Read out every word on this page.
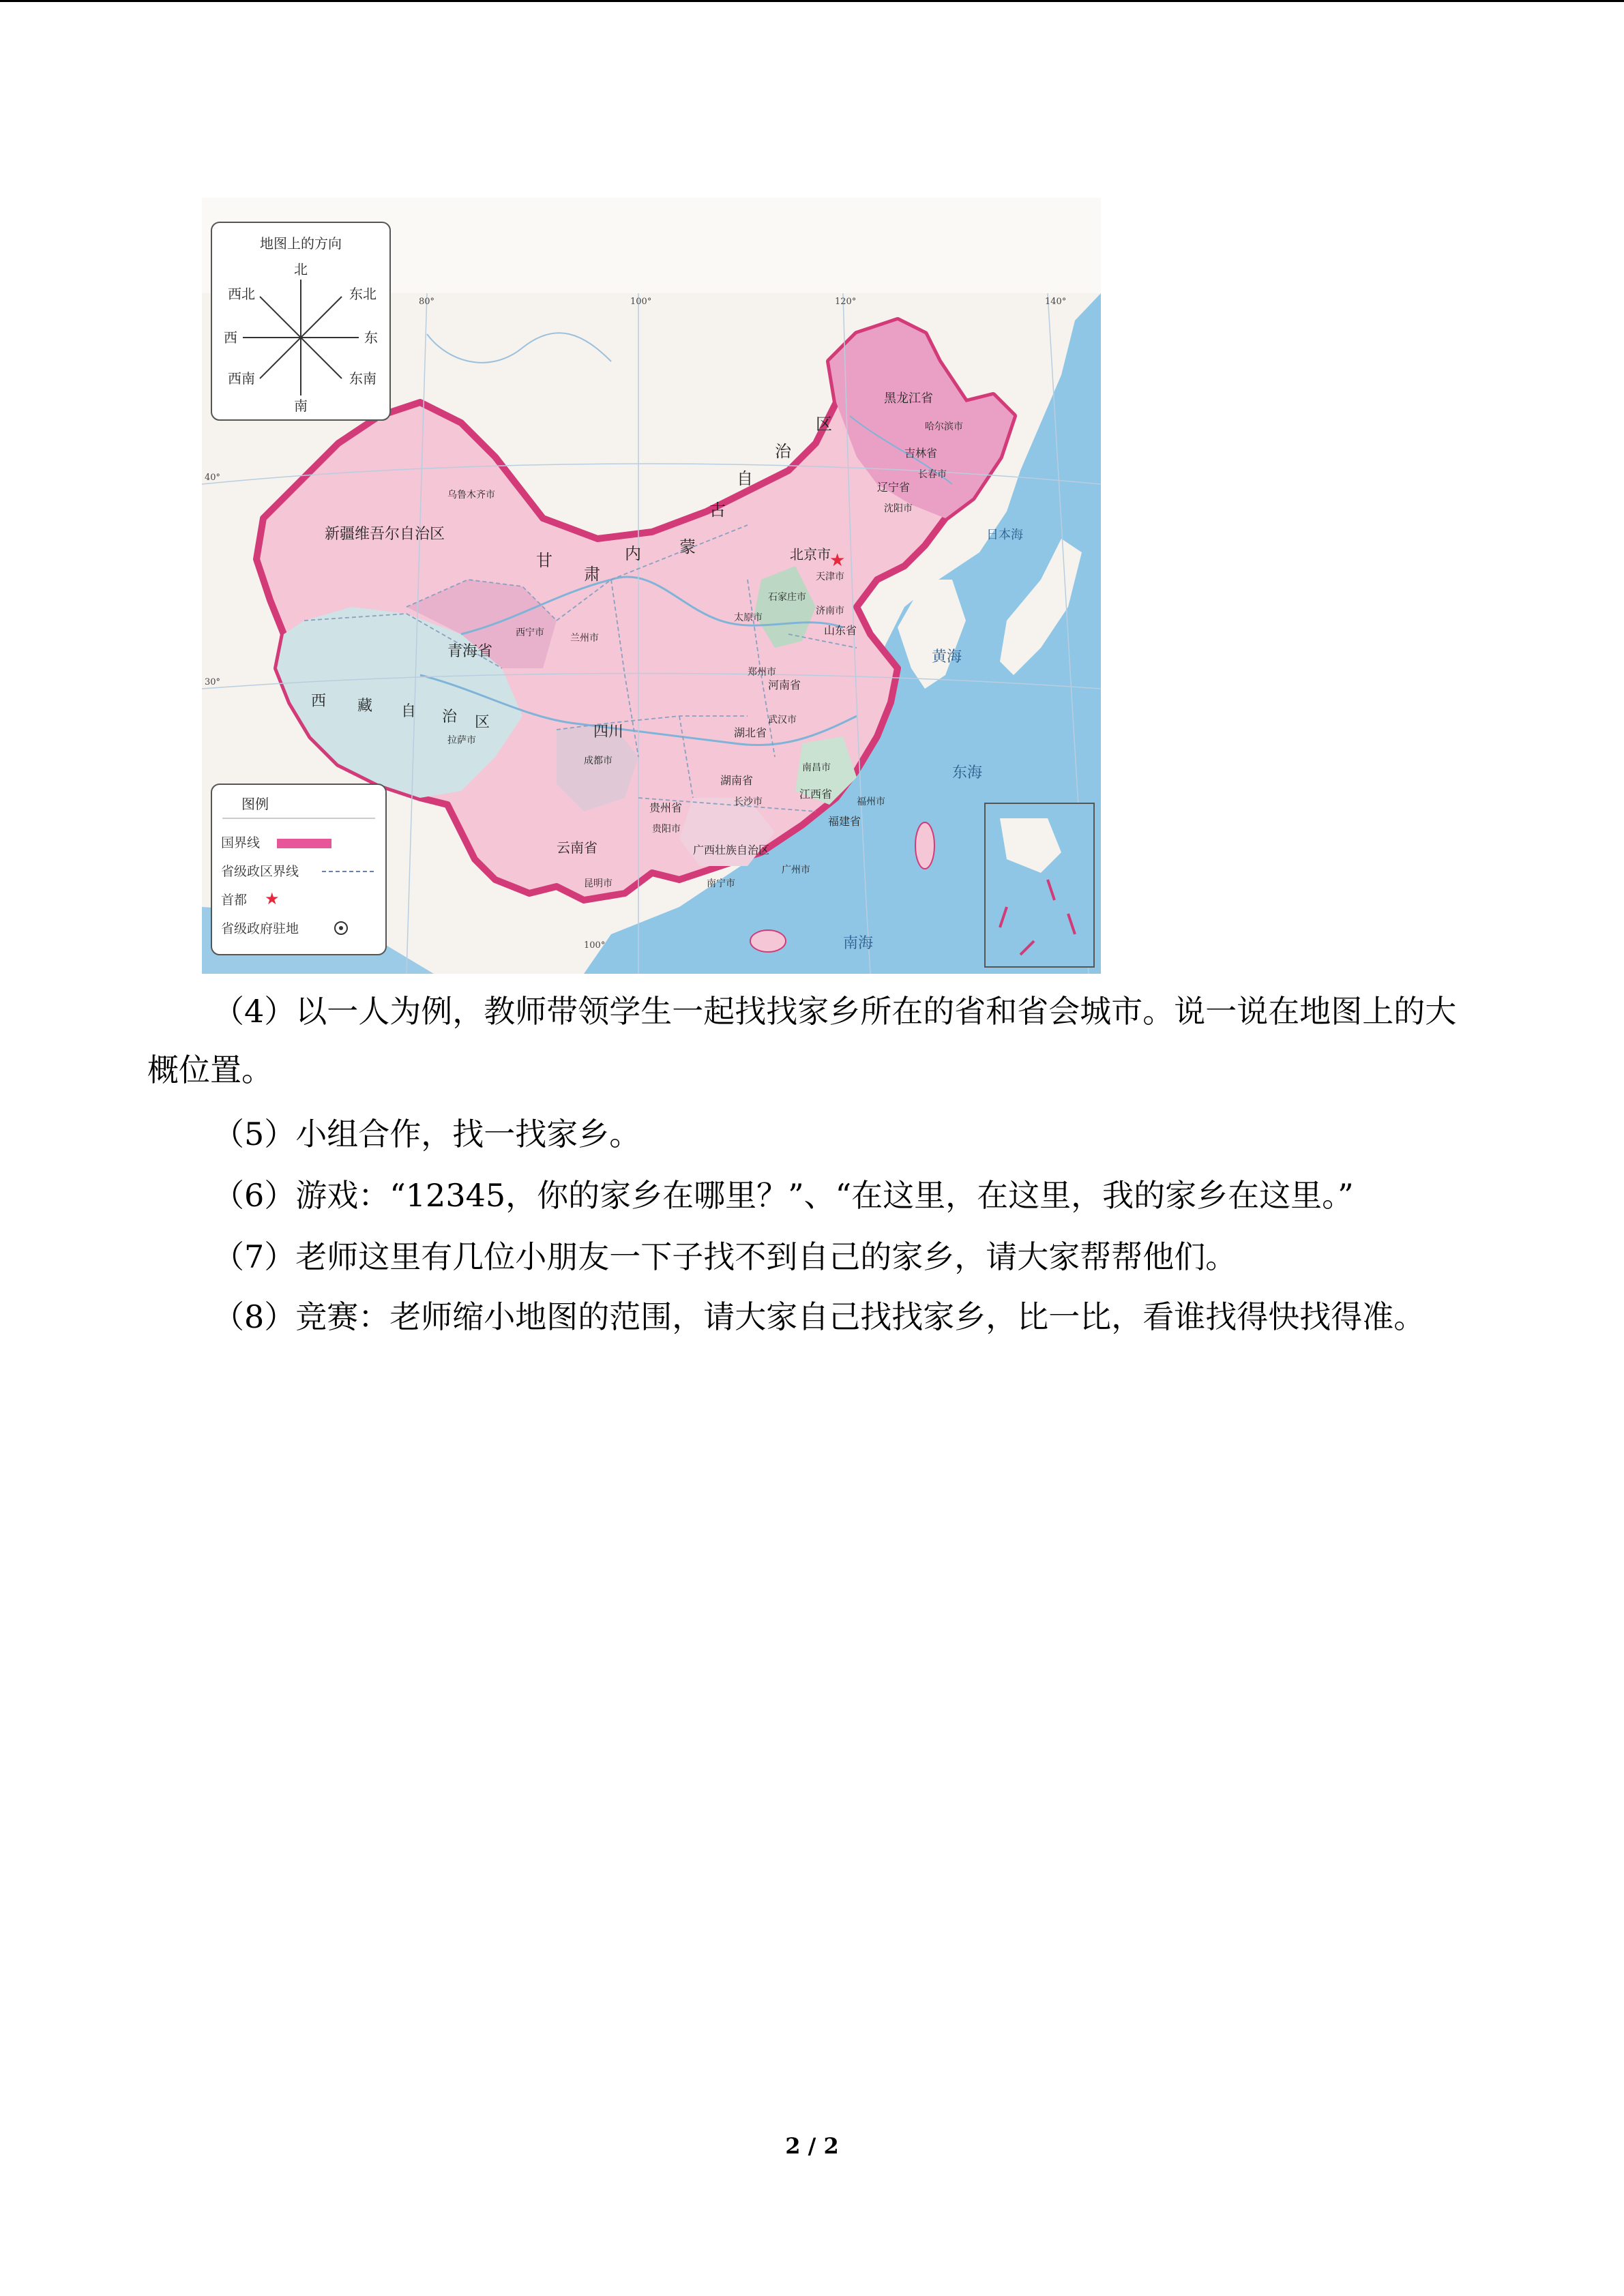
地图上的方向
北
东北
东
东南
南
西南
西
西北
图例
国界线
省级政区界线
首都 ★
省级政府驻地
新疆维吾尔自治区
西 藏 自 治 区
青海省
甘
肃
内 蒙
古
自
治
区
四川
云南省
北京市
山东省
河南省
湖北省
湖南省
贵州省
广西壮族自治区
江西省
福建省
黑龙江省
吉林省
辽宁省
黄海
东海
南海
日本海
天津市
石家庄市
太原市
西宁市	兰州市
成都市
武汉市
广州市
郑州市
长沙市
拉萨市
乌鲁木齐市
昆明市
贵阳市
南宁市
福州市
南昌市
济南市
长春市
哈尔滨市
沈阳市
★
80°	100°	120°	140°
40°
30°
100°

（4）以一人为例，教师带领学生一起找找家乡所在的省和省会城市。说一说在地图上的大概位置。

（5）小组合作，找一找家乡。

（6）游戏：“12345，你的家乡在哪里？”、“在这里，在这里，我的家乡在这里。”

（7）老师这里有几位小朋友一下子找不到自己的家乡，请大家帮帮他们。

（8）竞赛：老师缩小地图的范围，请大家自己找找家乡，比一比，看谁找得快找得准。

2 / 2
